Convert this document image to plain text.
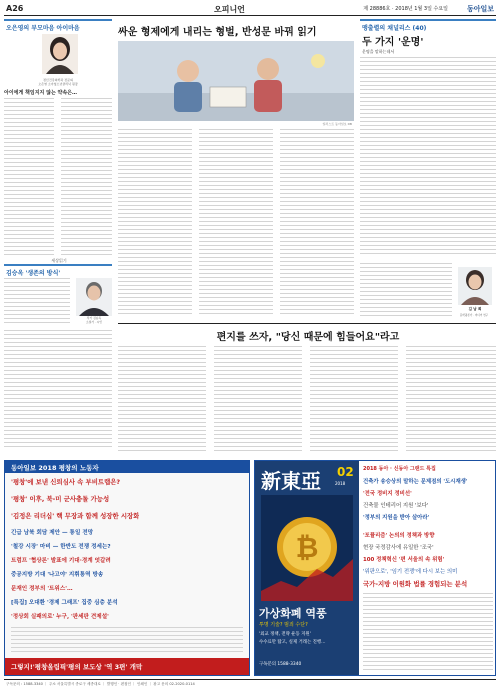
A26	오피니언	제 28886호 · 2018년 1월 3일 수요일	동아일보
오은영의 부모마음 아이마음
정신건강의학과 전문의
오은영 소아청소년클리닉 원장
아이에게 책임지지 않는 약속은…
세상읽기
김승옥 '생존의 방식'
작가 김승옥
소설가 · 시인
싸운 형제에게 내리는 형벌, 반성문 바꿔 읽기
일러스트 동아일보 DB
맹출렬의 채널리스 (40)
두 가지 '운명'
운명을 말하는데서
김 남 희
문학평론가 · 미디어 연구
편지를 쓰자, "당신 때문에 힘들어요"라고
동아일보 2018 평창의 노동자
'평창'에 보낸 신뢰심사 속 부비트랩은?
'평창' 이후, 북-미 군사충돌 가능성
'김정은 리더십' 핵 무장과 함께 성장한 시장화
긴급 남북 회담 제안 — 통일 전망
'철강 시장' 마비 — 한반도 전쟁 정세는?
트럼프 '협상론' 발표에 기대·경계 엇갈려
중공지방 기대 '나고야' 지휘통역 방송
문재인 정부의 '트위스'…
[특집] 오대환 '경제 그래프' 집중 심층 분석
'정상회 실패의로' 누구, '판세판 견제설'
그렇지!'평창올림픽'평의 보도상 '역 3편' 개막
新東亞 02
2018
₿
가상화폐 역풍
투명 기술? 범죄 수단?
'외교 정책, 전략 운동 지원'
수수료만 탐고, 실제 거래는 진행…
구독문의 1588-3340
2018 동아 · 신동아 그랜드 특집
건축가 송승상의 말하는 문제점의 '도시재생'
'전국 정비지 정비선'
건축물 인테리어 지원 '보다'
'정부의 지원을 받아 살아라'
'포퓰리즘' 논의의 정책과 방향
현장 국정감사에 유일한 '조국'
100 정책혁신 '편 서울의 속 위험'
'위판으로', '임기 전쟁'에 다시 보는 의미
국가-지방 이원화 법률 경험되는 분석
구독문의 : 1588-3340 ｜ 주소 서울특별시 종로구 세종대로 ｜ 발행인 · 편집인 ｜ 인쇄인 ｜ 광고 문의 02-2020-0114
